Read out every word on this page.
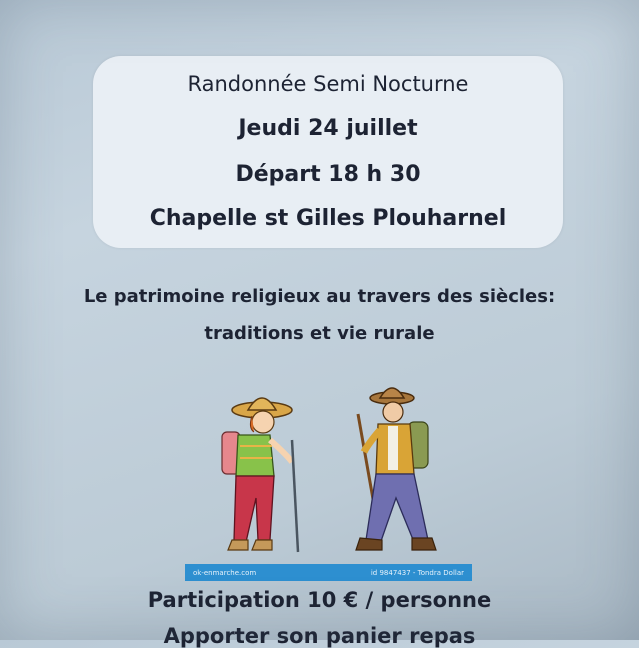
Randonnée Semi Nocturne
Jeudi 24 juillet
Départ 18 h 30
Chapelle st Gilles Plouharnel
Le patrimoine religieux au travers des siècles:
traditions et vie rurale
ok-enmarche.com	id 9847437 - Tondra Dollar
Participation 10 € / personne
Apporter son panier repas
